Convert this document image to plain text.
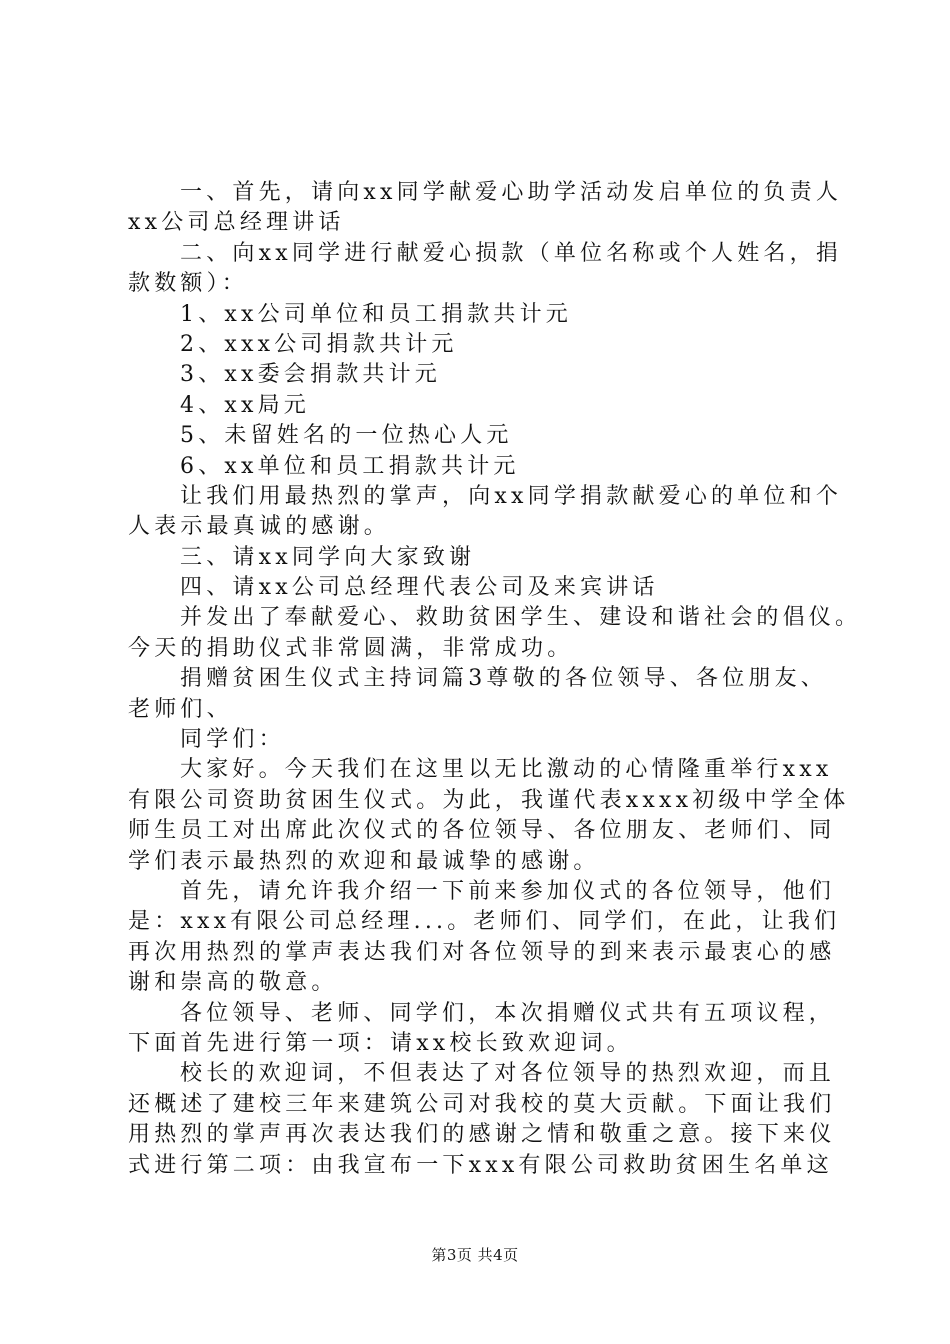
一、首先，请向xx同学献爱心助学活动发启单位的负责人
xx公司总经理讲话
二、向xx同学进行献爱心损款（单位名称或个人姓名，捐
款数额）：
1、xx公司单位和员工捐款共计元
2、xxx公司捐款共计元
3、xx委会捐款共计元
4、xx局元
5、未留姓名的一位热心人元
6、xx单位和员工捐款共计元
让我们用最热烈的掌声，向xx同学捐款献爱心的单位和个
人表示最真诚的感谢。
三、请xx同学向大家致谢
四、请xx公司总经理代表公司及来宾讲话
并发出了奉献爱心、救助贫困学生、建设和谐社会的倡仪。
今天的捐助仪式非常圆满，非常成功。
捐赠贫困生仪式主持词篇3尊敬的各位领导、各位朋友、
老师们、
同学们：
大家好。今天我们在这里以无比激动的心情隆重举行xxx
有限公司资助贫困生仪式。为此，我谨代表xxxx初级中学全体
师生员工对出席此次仪式的各位领导、各位朋友、老师们、同
学们表示最热烈的欢迎和最诚挚的感谢。
首先，请允许我介绍一下前来参加仪式的各位领导，他们
是：xxx有限公司总经理...。老师们、同学们，在此，让我们
再次用热烈的掌声表达我们对各位领导的到来表示最衷心的感
谢和崇高的敬意。
各位领导、老师、同学们，本次捐赠仪式共有五项议程，
下面首先进行第一项：请xx校长致欢迎词。
校长的欢迎词，不但表达了对各位领导的热烈欢迎，而且
还概述了建校三年来建筑公司对我校的莫大贡献。下面让我们
用热烈的掌声再次表达我们的感谢之情和敬重之意。接下来仪
式进行第二项：由我宣布一下xxx有限公司救助贫困生名单这
第3页 共4页
